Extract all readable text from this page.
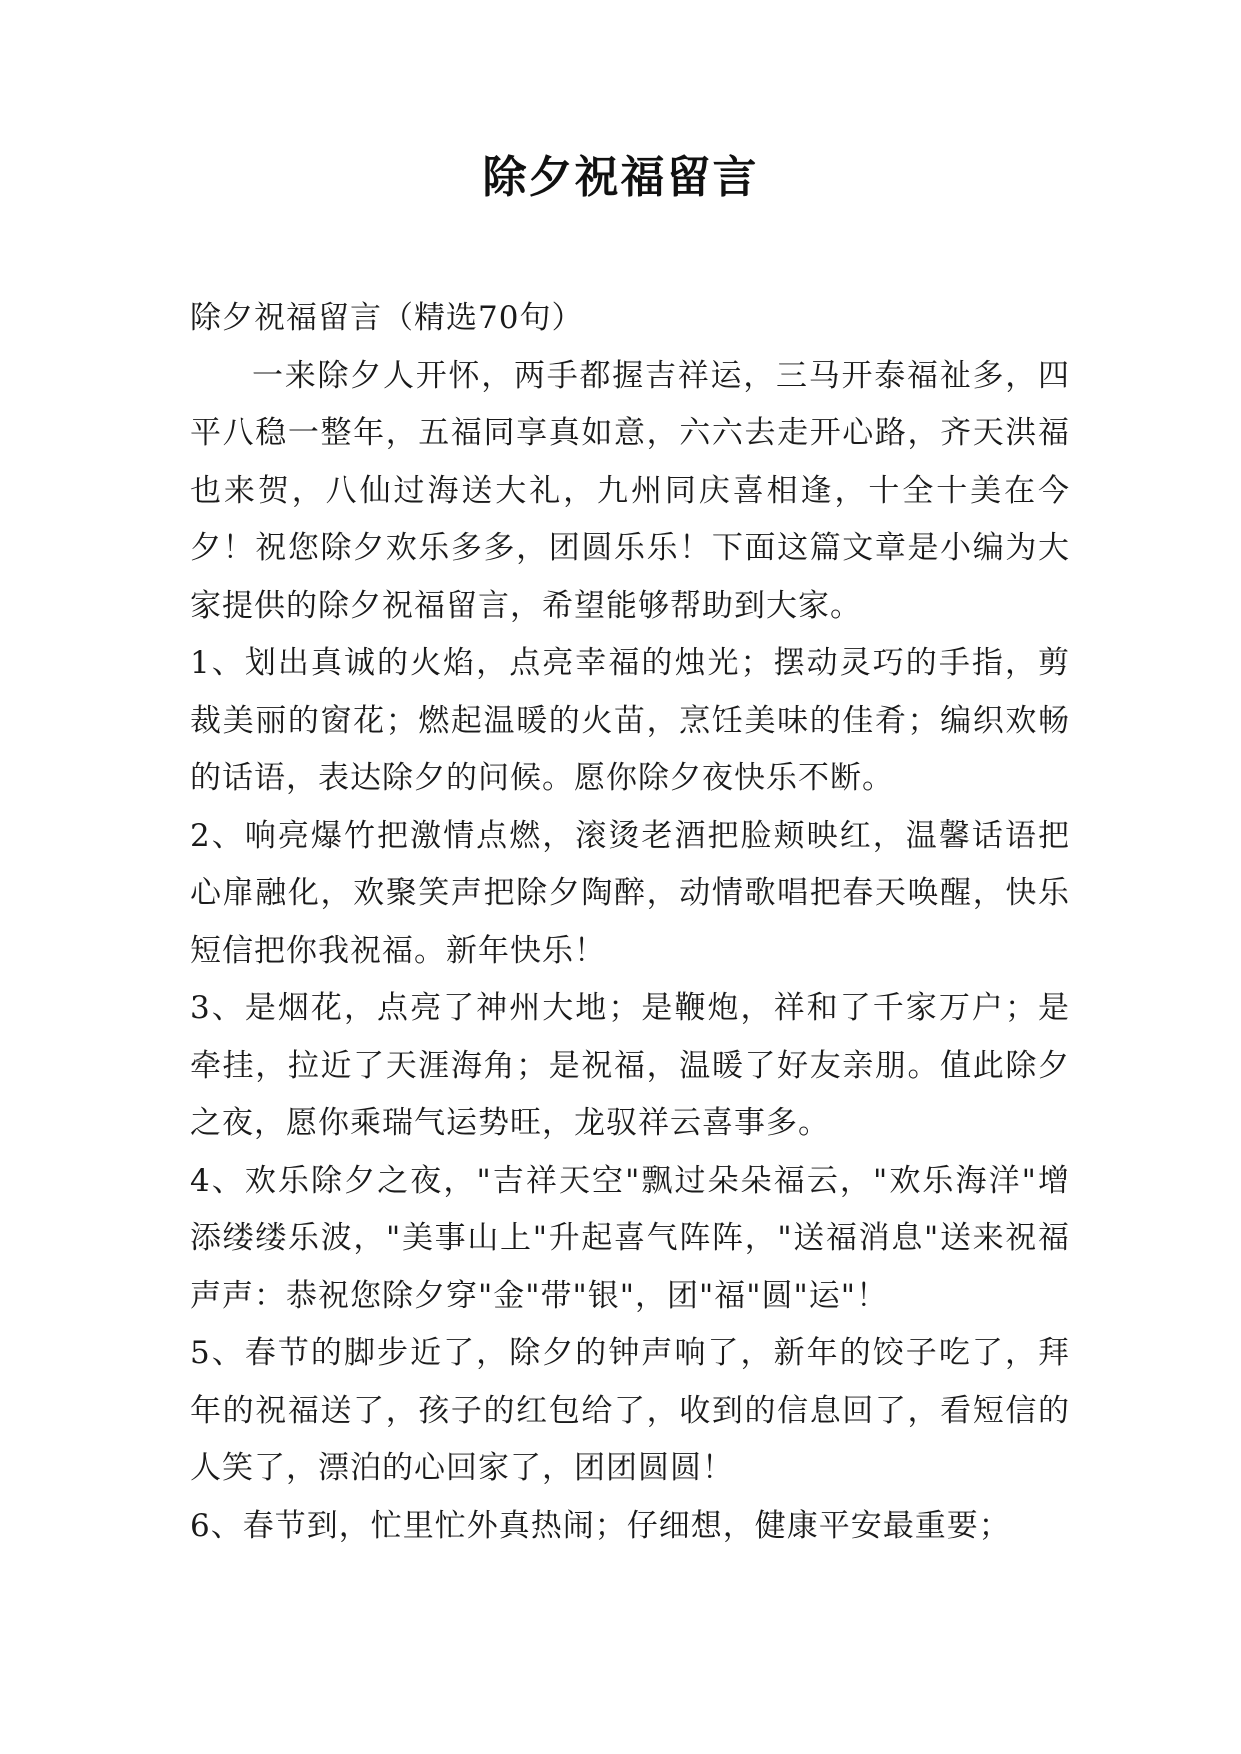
除夕祝福留言

除夕祝福留言（精选70句）

一来除夕人开怀，两手都握吉祥运，三马开泰福祉多，四平八稳一整年，五福同享真如意，六六去走开心路，齐天洪福也来贺，八仙过海送大礼，九州同庆喜相逢，十全十美在今夕！祝您除夕欢乐多多，团圆乐乐！下面这篇文章是小编为大家提供的除夕祝福留言，希望能够帮助到大家。

1、划出真诚的火焰，点亮幸福的烛光；摆动灵巧的手指，剪裁美丽的窗花；燃起温暖的火苗，烹饪美味的佳肴；编织欢畅的话语，表达除夕的问候。愿你除夕夜快乐不断。

2、响亮爆竹把激情点燃，滚烫老酒把脸颊映红，温馨话语把心扉融化，欢聚笑声把除夕陶醉，动情歌唱把春天唤醒，快乐短信把你我祝福。新年快乐！

3、是烟花，点亮了神州大地；是鞭炮，祥和了千家万户；是牵挂，拉近了天涯海角；是祝福，温暖了好友亲朋。值此除夕之夜，愿你乘瑞气运势旺，龙驭祥云喜事多。

4、欢乐除夕之夜，"吉祥天空"飘过朵朵福云，"欢乐海洋"增添缕缕乐波，"美事山上"升起喜气阵阵，"送福消息"送来祝福声声：恭祝您除夕穿"金"带"银"，团"福"圆"运"！

5、春节的脚步近了，除夕的钟声响了，新年的饺子吃了，拜年的祝福送了，孩子的红包给了，收到的信息回了，看短信的人笑了，漂泊的心回家了，团团圆圆！

6、春节到，忙里忙外真热闹；仔细想，健康平安最重要；
